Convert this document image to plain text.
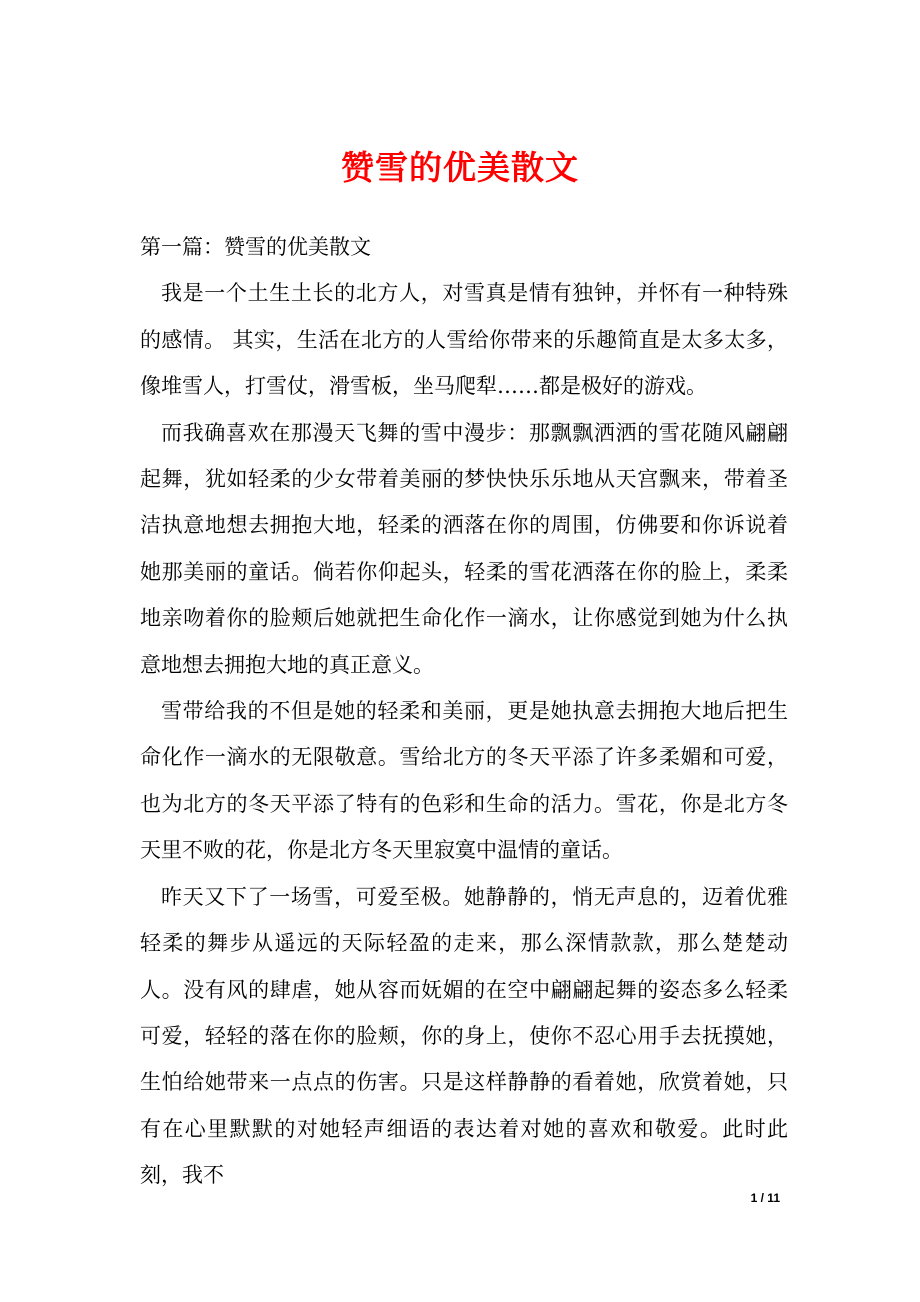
赞雪的优美散文

第一篇：赞雪的优美散文

我是一个土生土长的北方人，对雪真是情有独钟，并怀有一种特殊的感情。 其实，生活在北方的人雪给你带来的乐趣简直是太多太多，像堆雪人，打雪仗，滑雪板，坐马爬犁……都是极好的游戏。

而我确喜欢在那漫天飞舞的雪中漫步：那飘飘洒洒的雪花随风翩翩起舞，犹如轻柔的少女带着美丽的梦快快乐乐地从天宫飘来，带着圣洁执意地想去拥抱大地，轻柔的洒落在你的周围，仿佛要和你诉说着她那美丽的童话。倘若你仰起头，轻柔的雪花洒落在你的脸上，柔柔地亲吻着你的脸颊后她就把生命化作一滴水，让你感觉到她为什么执意地想去拥抱大地的真正意义。

雪带给我的不但是她的轻柔和美丽，更是她执意去拥抱大地后把生命化作一滴水的无限敬意。雪给北方的冬天平添了许多柔媚和可爱，也为北方的冬天平添了特有的色彩和生命的活力。雪花，你是北方冬天里不败的花，你是北方冬天里寂寞中温情的童话。

昨天又下了一场雪，可爱至极。她静静的，悄无声息的，迈着优雅轻柔的舞步从遥远的天际轻盈的走来，那么深情款款，那么楚楚动人。没有风的肆虐，她从容而妩媚的在空中翩翩起舞的姿态多么轻柔可爱，轻轻的落在你的脸颊，你的身上，使你不忍心用手去抚摸她，生怕给她带来一点点的伤害。只是这样静静的看着她，欣赏着她，只有在心里默默的对她轻声细语的表达着对她的喜欢和敬爱。此时此刻，我不

1 / 11
